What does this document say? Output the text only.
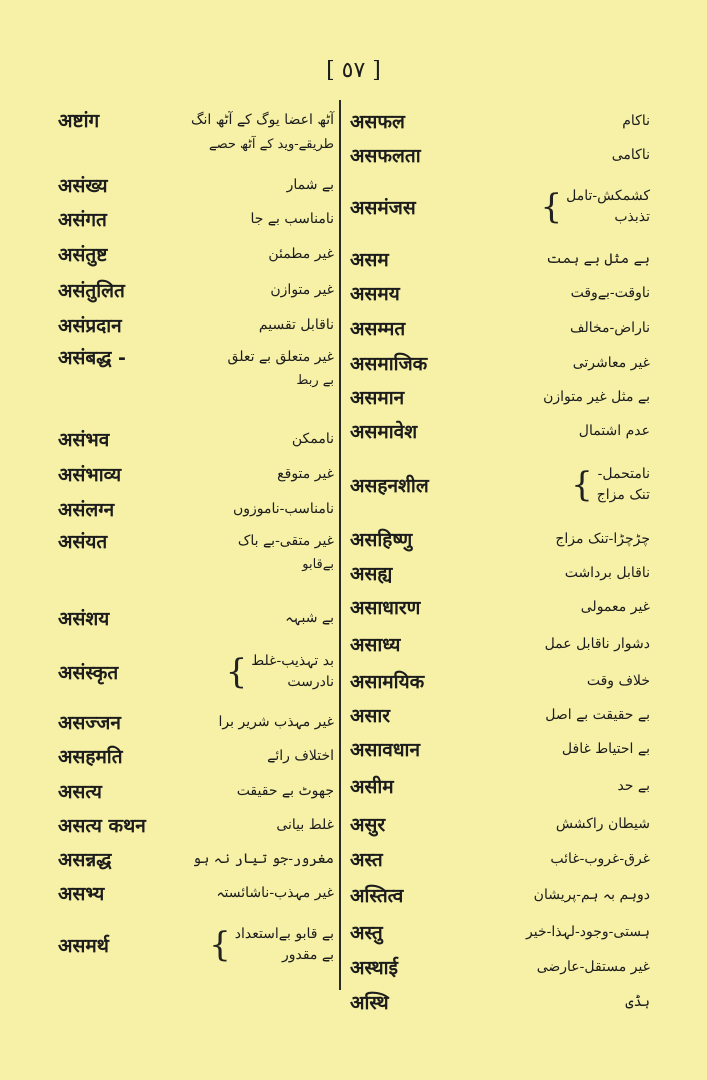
[ ٥٧ ]
अष्टांग	آٹھ اعضا یوگ کے آٹھ انگ
طریقے-وید کے آٹھ حصے
असंख्य	بے شمار
असंगत	نامناسب بے جا
असंतुष्ट	غیر مطمئن
असंतुलित	غیر متوازن
असंप्रदान	ناقابل تقسیم
असंबद्ध -	غیر متعلق بے تعلق
بے ربط
असंभव	ناممکن
असंभाव्य	غیر متوقع
असंलग्न	نامناسب-ناموزوں
असंयत	غیر متقی-بے باک
بےقابو
असंशय	بے شبہہ
असंस्कृत	{ بد تہذیب-غلط
نادرست
असज्जन	غیر مہذب شریر برا
असहमति	اختلاف رائے
असत्य	جھوٹ بے حقیقت
असत्य कथन	غلط بیانی
असन्नद्ध	مغرور-جو تیار نہ ہو
असभ्य	غیر مہذب-ناشائستہ
असमर्थ	{ بے قابو بےاستعداد
بے مقدور
असफल	ناکام
असफलता	ناکامی
असमंजस	{ کشمکش-تامل
تذبذب
असम	بے مثل بے ہمت
असमय	ناوقت-بےوقت
असम्मत	ناراض-مخالف
असमाजिक	غیر معاشرتی
असमान	بے مثل غیر متوازن
असमावेश	عدم اشتمال
असहनशील	{ نامتحمل-
تنک مزاج
असहिष्णु	چڑچڑا-تنک مزاج
असह्य	ناقابل برداشت
असाधारण	غیر معمولی
असाध्य	دشوار ناقابل عمل
असामयिक	خلاف وقت
असार	بے حقیقت بے اصل
असावधान	بے احتیاط غافل
असीम	بے حد
असुर	شیطان راکشش
अस्त	غرق-غروب-غائب
अस्तित्व	دوہم بہ ہم-پریشان
अस्तु	ہستی-وجود-لہذا-خیر
अस्थाई	غیر مستقل-عارضی
अस्थि	ہڈی
